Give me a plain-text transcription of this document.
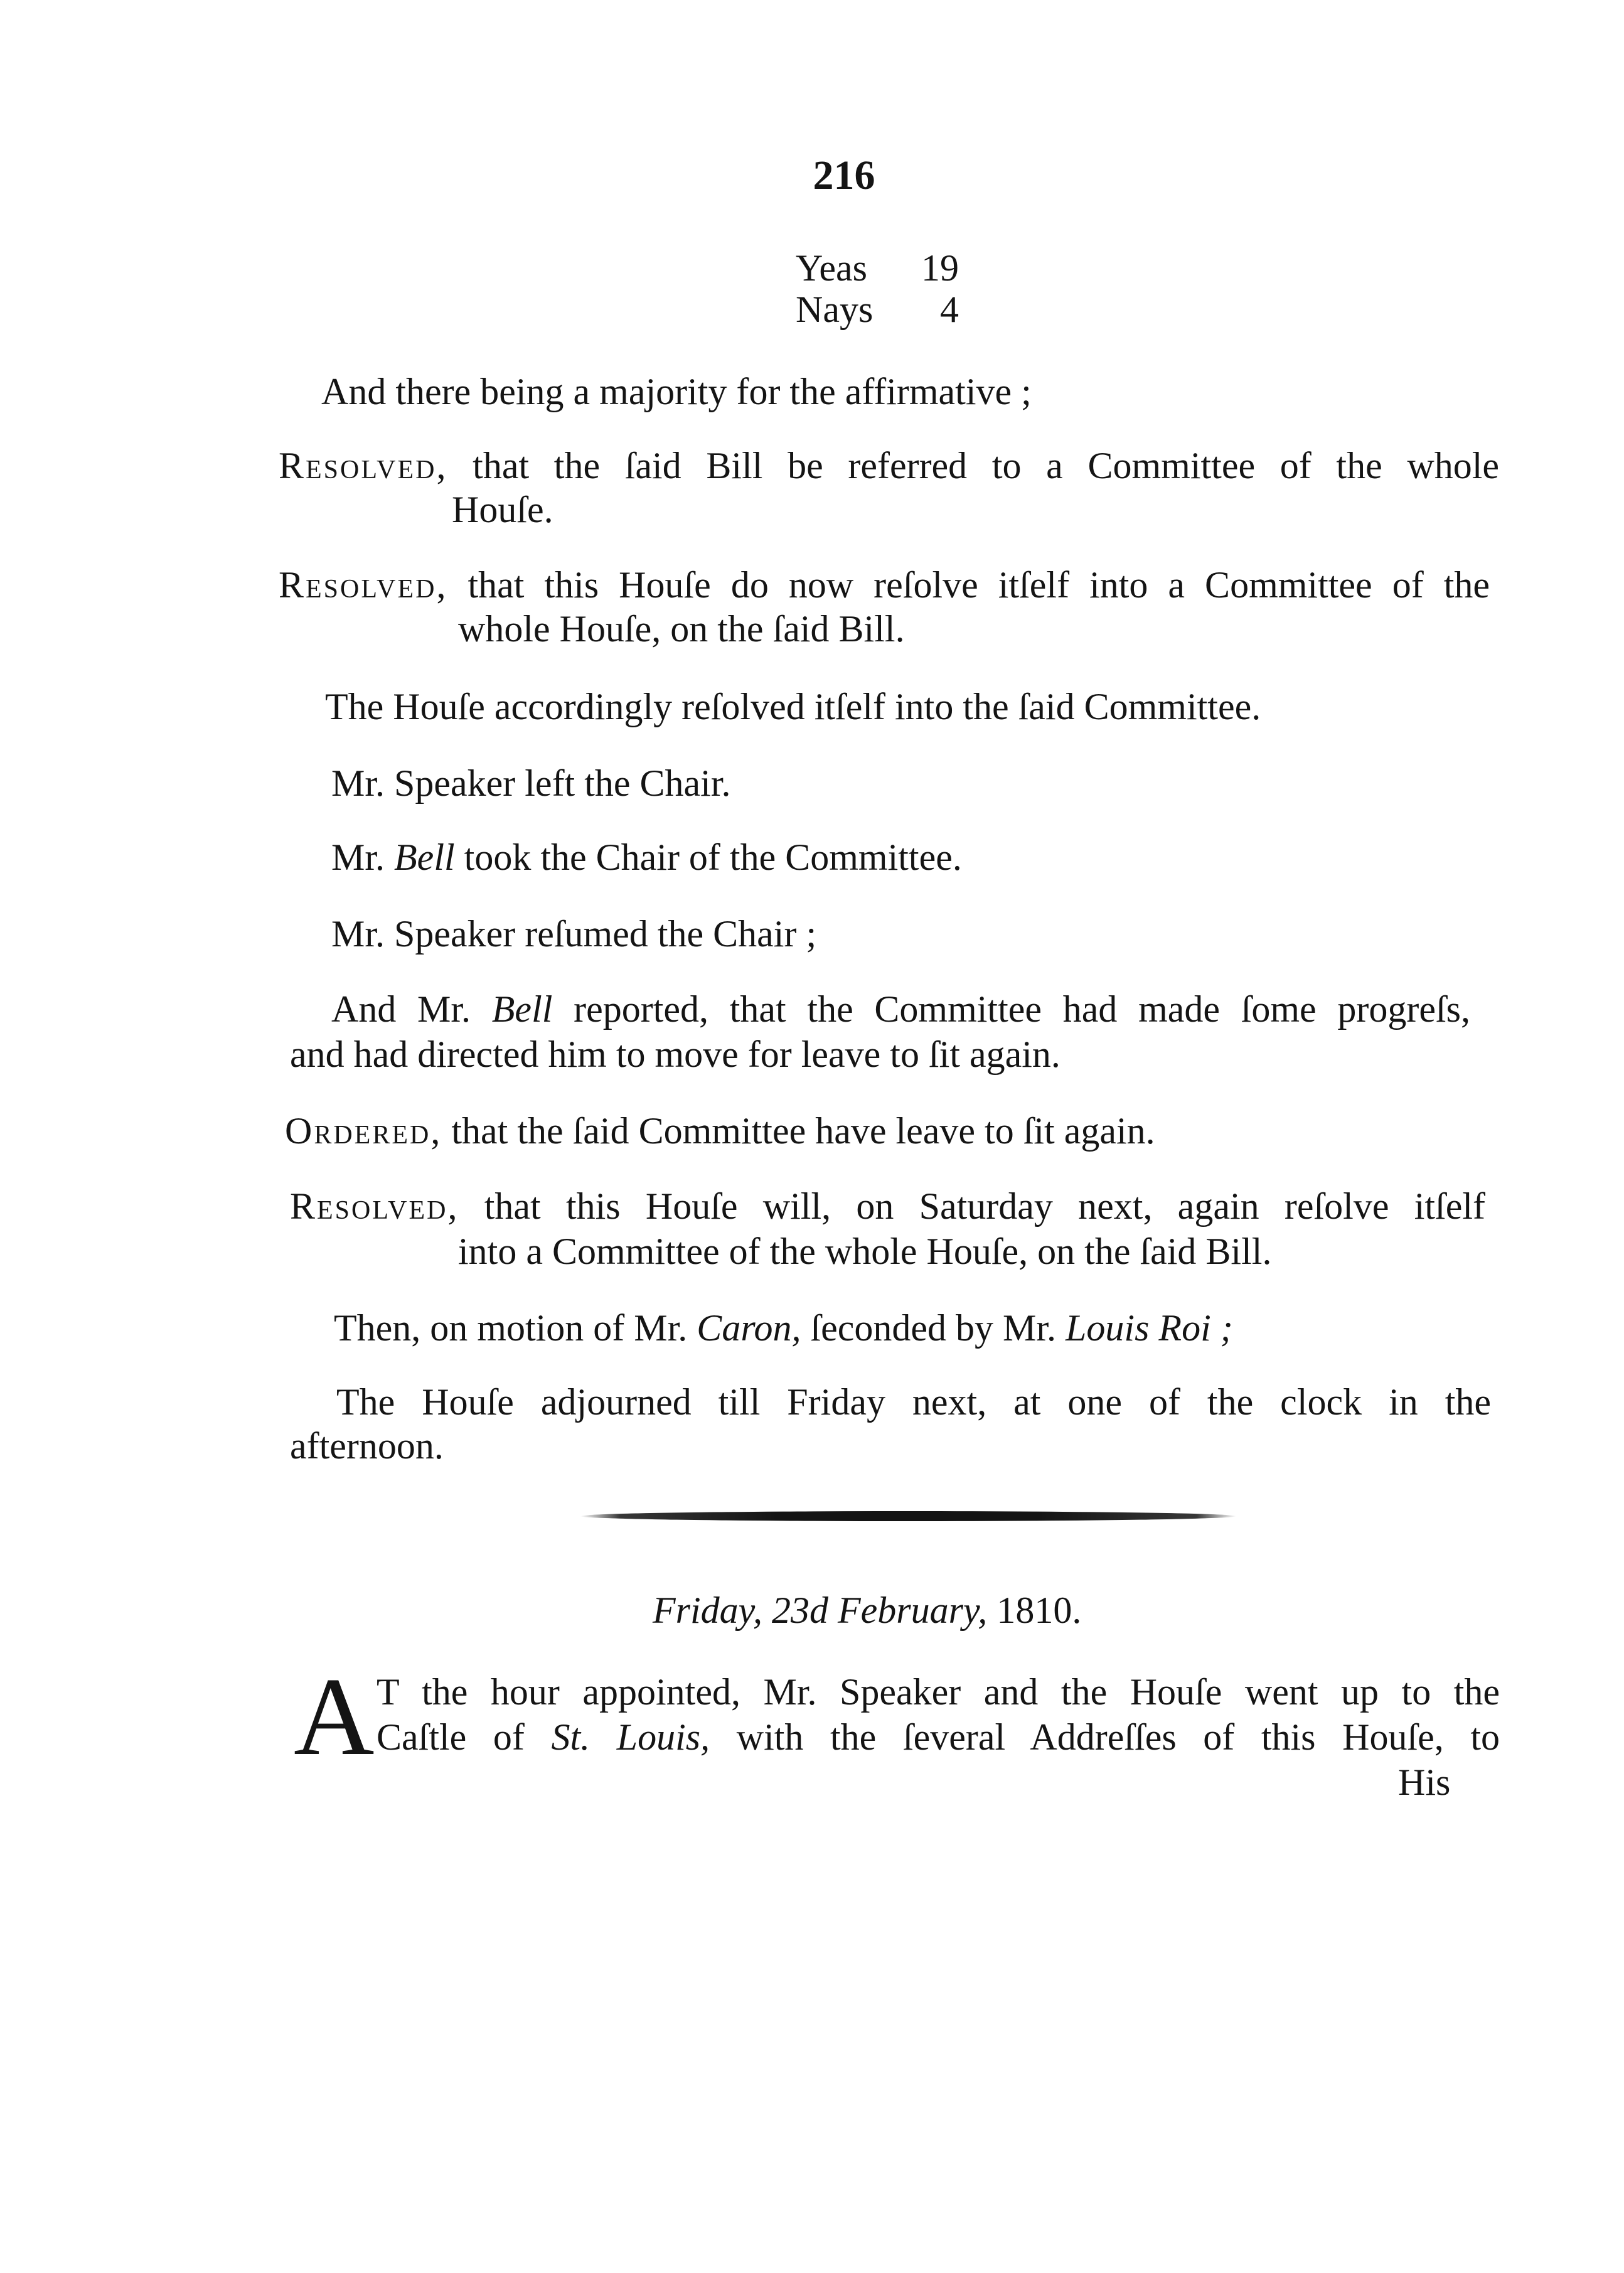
216
Yeas 19
Nays 4
And there being a majority for the affirmative ;
Resolved, that the ſaid Bill be referred to a Committee of the whole
Houſe.
Resolved, that this Houſe do now reſolve itſelf into a Committee of the
whole Houſe, on the ſaid Bill.
The Houſe accordingly reſolved itſelf into the ſaid Committee.
Mr. Speaker left the Chair.
Mr. Bell took the Chair of the Committee.
Mr. Speaker reſumed the Chair ;
And Mr. Bell reported, that the Committee had made ſome progreſs,
and had directed him to move for leave to ſit again.
Ordered, that the ſaid Committee have leave to ſit again.
Resolved, that this Houſe will, on Saturday next, again reſolve itſelf
into a Committee of the whole Houſe, on the ſaid Bill.
Then, on motion of Mr. Caron, ſeconded by Mr. Louis Roi ;
The Houſe adjourned till Friday next, at one of the clock in the
afternoon.
Friday, 23d February, 1810.
A T the hour appointed, Mr. Speaker and the Houſe went up to the
Caſtle of St. Louis, with the ſeveral Addreſſes of this Houſe, to
His
